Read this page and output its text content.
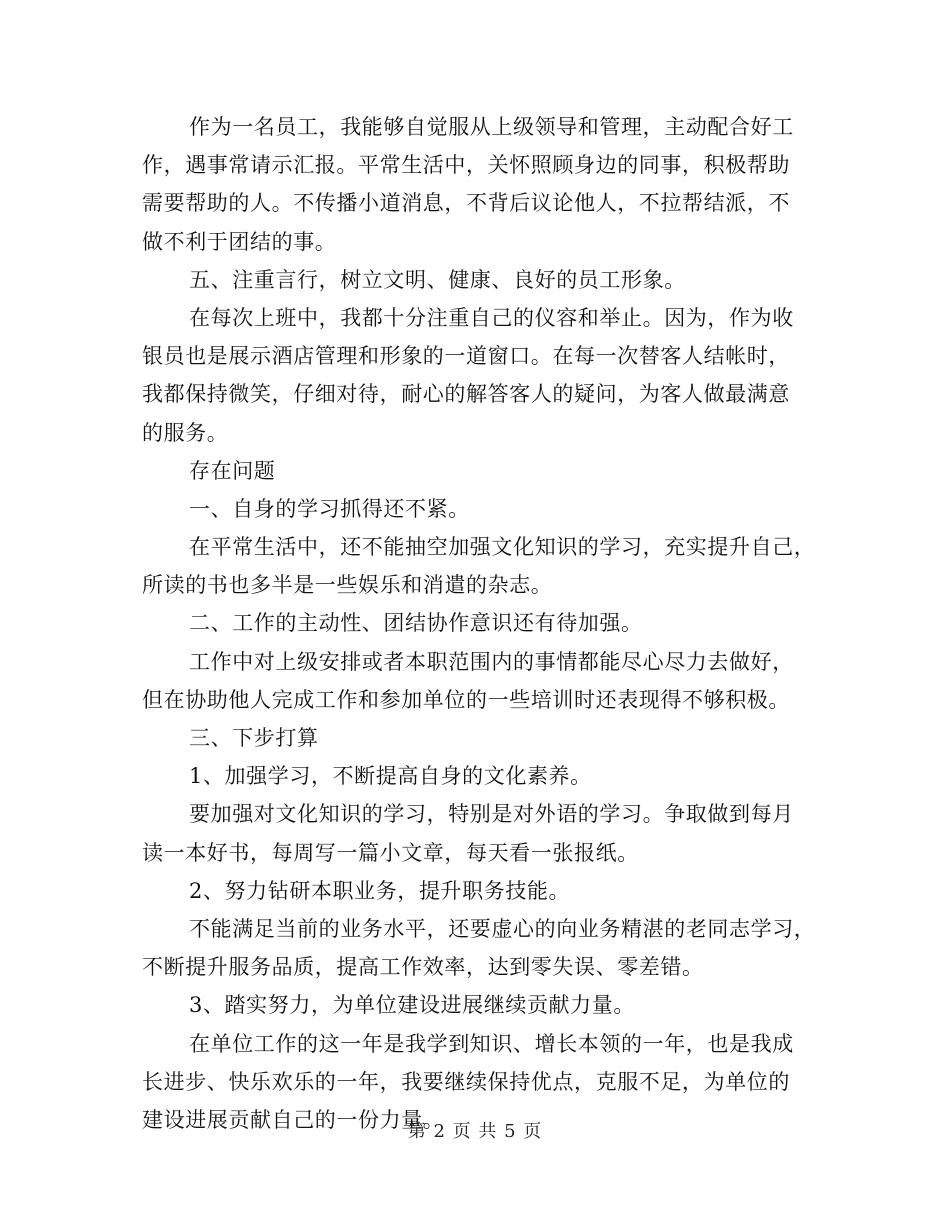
作为一名员工，我能够自觉服从上级领导和管理，主动配合好工
作，遇事常请示汇报。平常生活中，关怀照顾身边的同事，积极帮助
需要帮助的人。不传播小道消息，不背后议论他人，不拉帮结派，不
做不利于团结的事。
五、注重言行，树立文明、健康、良好的员工形象。
在每次上班中，我都十分注重自己的仪容和举止。因为，作为收
银员也是展示酒店管理和形象的一道窗口。在每一次替客人结帐时，
我都保持微笑，仔细对待，耐心的解答客人的疑问，为客人做最满意
的服务。
存在问题
一、自身的学习抓得还不紧。
在平常生活中，还不能抽空加强文化知识的学习，充实提升自己，
所读的书也多半是一些娱乐和消遣的杂志。
二、工作的主动性、团结协作意识还有待加强。
工作中对上级安排或者本职范围内的事情都能尽心尽力去做好，
但在协助他人完成工作和参加单位的一些培训时还表现得不够积极。
三、下步打算
1、加强学习，不断提高自身的文化素养。
要加强对文化知识的学习，特别是对外语的学习。争取做到每月
读一本好书，每周写一篇小文章，每天看一张报纸。
2、努力钻研本职业务，提升职务技能。
不能满足当前的业务水平，还要虚心的向业务精湛的老同志学习，
不断提升服务品质，提高工作效率，达到零失误、零差错。
3、踏实努力，为单位建设进展继续贡献力量。
在单位工作的这一年是我学到知识、增长本领的一年，也是我成
长进步、快乐欢乐的一年，我要继续保持优点，克服不足，为单位的
建设进展贡献自己的一份力量。
第 2 页 共 5 页
